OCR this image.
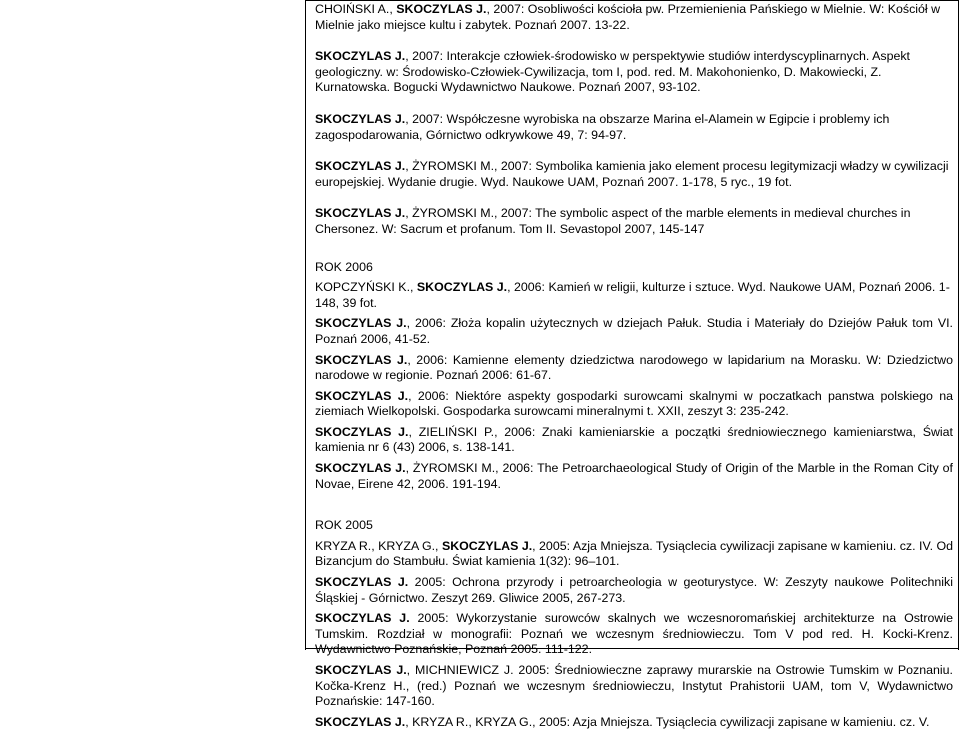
CHOIŃSKI A., SKOCZYLAS J., 2007: Osobliwości kościoła pw. Przemienienia Pańskiego w Mielnie. W: Kościół w Mielnie jako miejsce kultu i zabytek. Poznań 2007. 13-22.

SKOCZYLAS J., 2007: Interakcje człowiek-środowisko w perspektywie studiów interdyscyplinarnych. Aspekt geologiczny. w: Środowisko-Człowiek-Cywilizacja, tom I, pod. red. M. Makohonienko, D. Makowiecki, Z. Kurnatowska. Bogucki Wydawnictwo Naukowe. Poznań 2007, 93-102.

SKOCZYLAS J., 2007: Współczesne wyrobiska na obszarze Marina el-Alamein w Egipcie i problemy ich zagospodarowania, Górnictwo odkrywkowe 49, 7: 94-97.

SKOCZYLAS J., ŻYROMSKI M., 2007: Symbolika kamienia jako element procesu legitymizacji władzy w cywilizacji europejskiej. Wydanie drugie. Wyd. Naukowe UAM, Poznań 2007. 1-178, 5 ryc., 19 fot.

SKOCZYLAS J., ŻYROMSKI M., 2007: The symbolic aspect of the marble elements in medieval churches in Chersonez. W: Sacrum et profanum. Tom II. Sevastopol 2007, 145-147

ROK 2006

KOPCZYŃSKI K., SKOCZYLAS J., 2006: Kamień w religii, kulturze i sztuce. Wyd. Naukowe UAM, Poznań 2006. 1-148, 39 fot.

SKOCZYLAS J., 2006: Złoża kopalin użytecznych w dziejach Pałuk. Studia i Materiały do Dziejów Pałuk tom VI. Poznań 2006, 41-52.

SKOCZYLAS J., 2006: Kamienne elementy dziedzictwa narodowego w lapidarium na Morasku. W: Dziedzictwo narodowe w regionie. Poznań 2006: 61-67.

SKOCZYLAS J., 2006: Niektóre aspekty gospodarki surowcami skalnymi w poczatkach panstwa polskiego na ziemiach Wielkopolski. Gospodarka surowcami mineralnymi t. XXII, zeszyt 3: 235-242.

SKOCZYLAS J., ZIELIŃSKI P., 2006: Znaki kamieniarskie a początki średniowiecznego kamieniarstwa, Świat kamienia nr 6 (43) 2006, s. 138-141.

SKOCZYLAS J., ŻYROMSKI M., 2006: The Petroarchaeological Study of Origin of the Marble in the Roman City of Novae, Eirene 42, 2006. 191-194.

ROK 2005

KRYZA R., KRYZA G., SKOCZYLAS J., 2005: Azja Mniejsza. Tysiąclecia cywilizacji zapisane w kamieniu. cz. IV. Od Bizancjum do Stambułu. Świat kamienia 1(32): 96–101.

SKOCZYLAS J. 2005: Ochrona przyrody i petroarcheologia w geoturystyce. W: Zeszyty naukowe Politechniki Śląskiej - Górnictwo. Zeszyt 269. Gliwice 2005, 267-273.

SKOCZYLAS J. 2005: Wykorzystanie surowców skalnych we wczesnoromańskiej architekturze na Ostrowie Tumskim. Rozdział w monografii: Poznań we wczesnym średniowieczu. Tom V pod red. H. Kocki-Krenz. Wydawnictwo Poznańskie, Poznań 2005. 111-122.

SKOCZYLAS J., MICHNIEWICZ J. 2005: Średniowieczne zaprawy murarskie na Ostrowie Tumskim w Poznaniu. Kočka-Krenz H., (red.) Poznań we wczesnym średniowieczu, Instytut Prahistorii UAM, tom V, Wydawnictwo Poznańskie: 147-160.

SKOCZYLAS J., KRYZA R., KRYZA G., 2005: Azja Mniejsza. Tysiąclecia cywilizacji zapisane w kamieniu. cz. V.
